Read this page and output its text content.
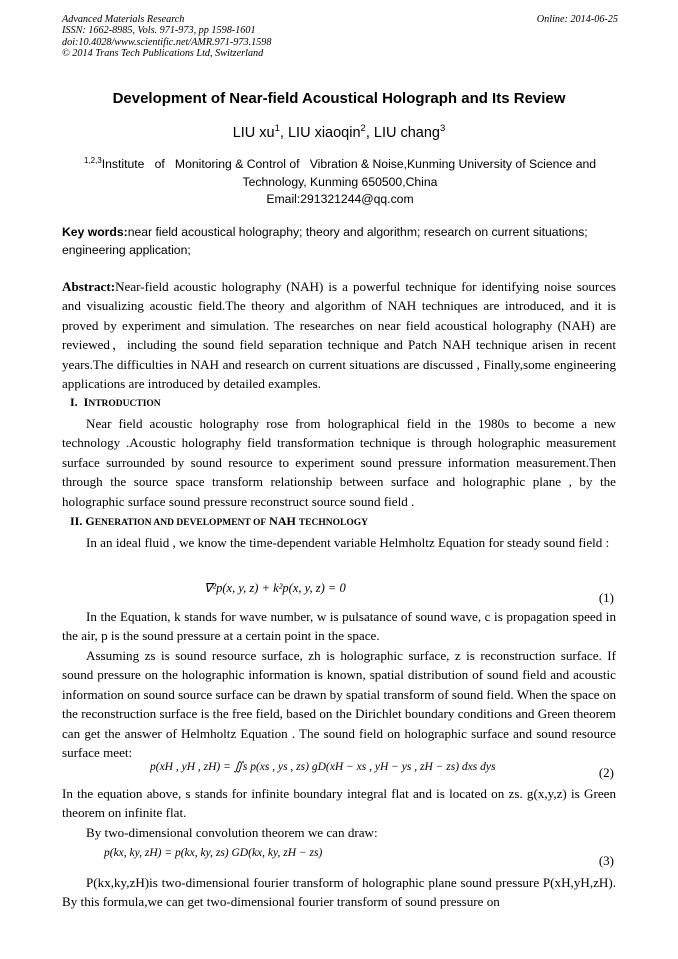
Advanced Materials Research
ISSN: 1662-8985, Vols. 971-973, pp 1598-1601
doi:10.4028/www.scientific.net/AMR.971-973.1598
© 2014 Trans Tech Publications Ltd, Switzerland
Online: 2014-06-25
Development of Near-field Acoustical Holograph and Its Review
LIU $xu^1$, LIU xiaoqin$^2$, LIU chang$^3$
$^{1,2,3}$Institute   of   Monitoring & Control of   Vibration & Noise,Kunming University of Science and
Technology, Kunming 650500,China
Email:291321244@qq.com
Key words:near field acoustical holography; theory and algorithm; research on current situations; engineering application;
Abstract:Near-field acoustic holography (NAH) is a powerful technique for identifying noise sources and visualizing acoustic field.The theory and algorithm of NAH techniques are introduced, and it is proved by experiment and simulation. The researches on near field acoustical holography (NAH) are reviewed，including the sound field separation technique and Patch NAH technique arisen in recent years.The difficulties in NAH and research on current situations are discussed , Finally,some engineering applications are introduced by detailed examples.
I. INTRODUCTION
Near field acoustic holography rose from holographical field in the 1980s to become a new technology .Acoustic holography field transformation technique is through holographic measurement surface surrounded by sound resource to experiment sound pressure information measurement.Then through the source space transform relationship between surface and holographic plane , by the holographic surface sound pressure reconstruct source sound field .
II. GENERATION AND DEVELOPMENT OF NAH TECHNOLOGY
In an ideal fluid , we know the time-dependent variable Helmholtz Equation for steady sound field :
∇²p(x, y, z) + k²p(x, y, z) = 0
(1)
In the Equation, k stands for wave number, w is pulsatance of sound wave, c is propagation speed in the air, p is the sound pressure at a certain point in the space.
Assuming zs is sound resource surface, zh is holographic surface, z is reconstruction surface. If sound pressure on the holographic information is known, spatial distribution of sound field and acoustic information on sound source surface can be drawn by spatial transform of sound field. When the space on the reconstruction surface is the free field, based on the Dirichlet boundary conditions and Green theorem can get the answer of Helmholtz Equation . The sound field on holographic surface and sound resource surface meet:
p(xH , yH , zH) = ∬s p(xs , ys , zs) gD(xH − xs , yH − ys , zH − zs) dxs dys	(2)
In the equation above, s stands for infinite boundary integral flat and is located on zs. g(x,y,z) is Green theorem on infinite flat.
By two-dimensional convolution theorem we can draw:
p(kx, ky, zH) = p(kx, ky, zs) GD(kx, ky, zH − zs)	(3)
P(kx,ky,zH)is two-dimensional fourier transform of holographic plane sound pressure P(xH,yH,zH). By this formula,we can get two-dimensional fourier transform of sound pressure on
